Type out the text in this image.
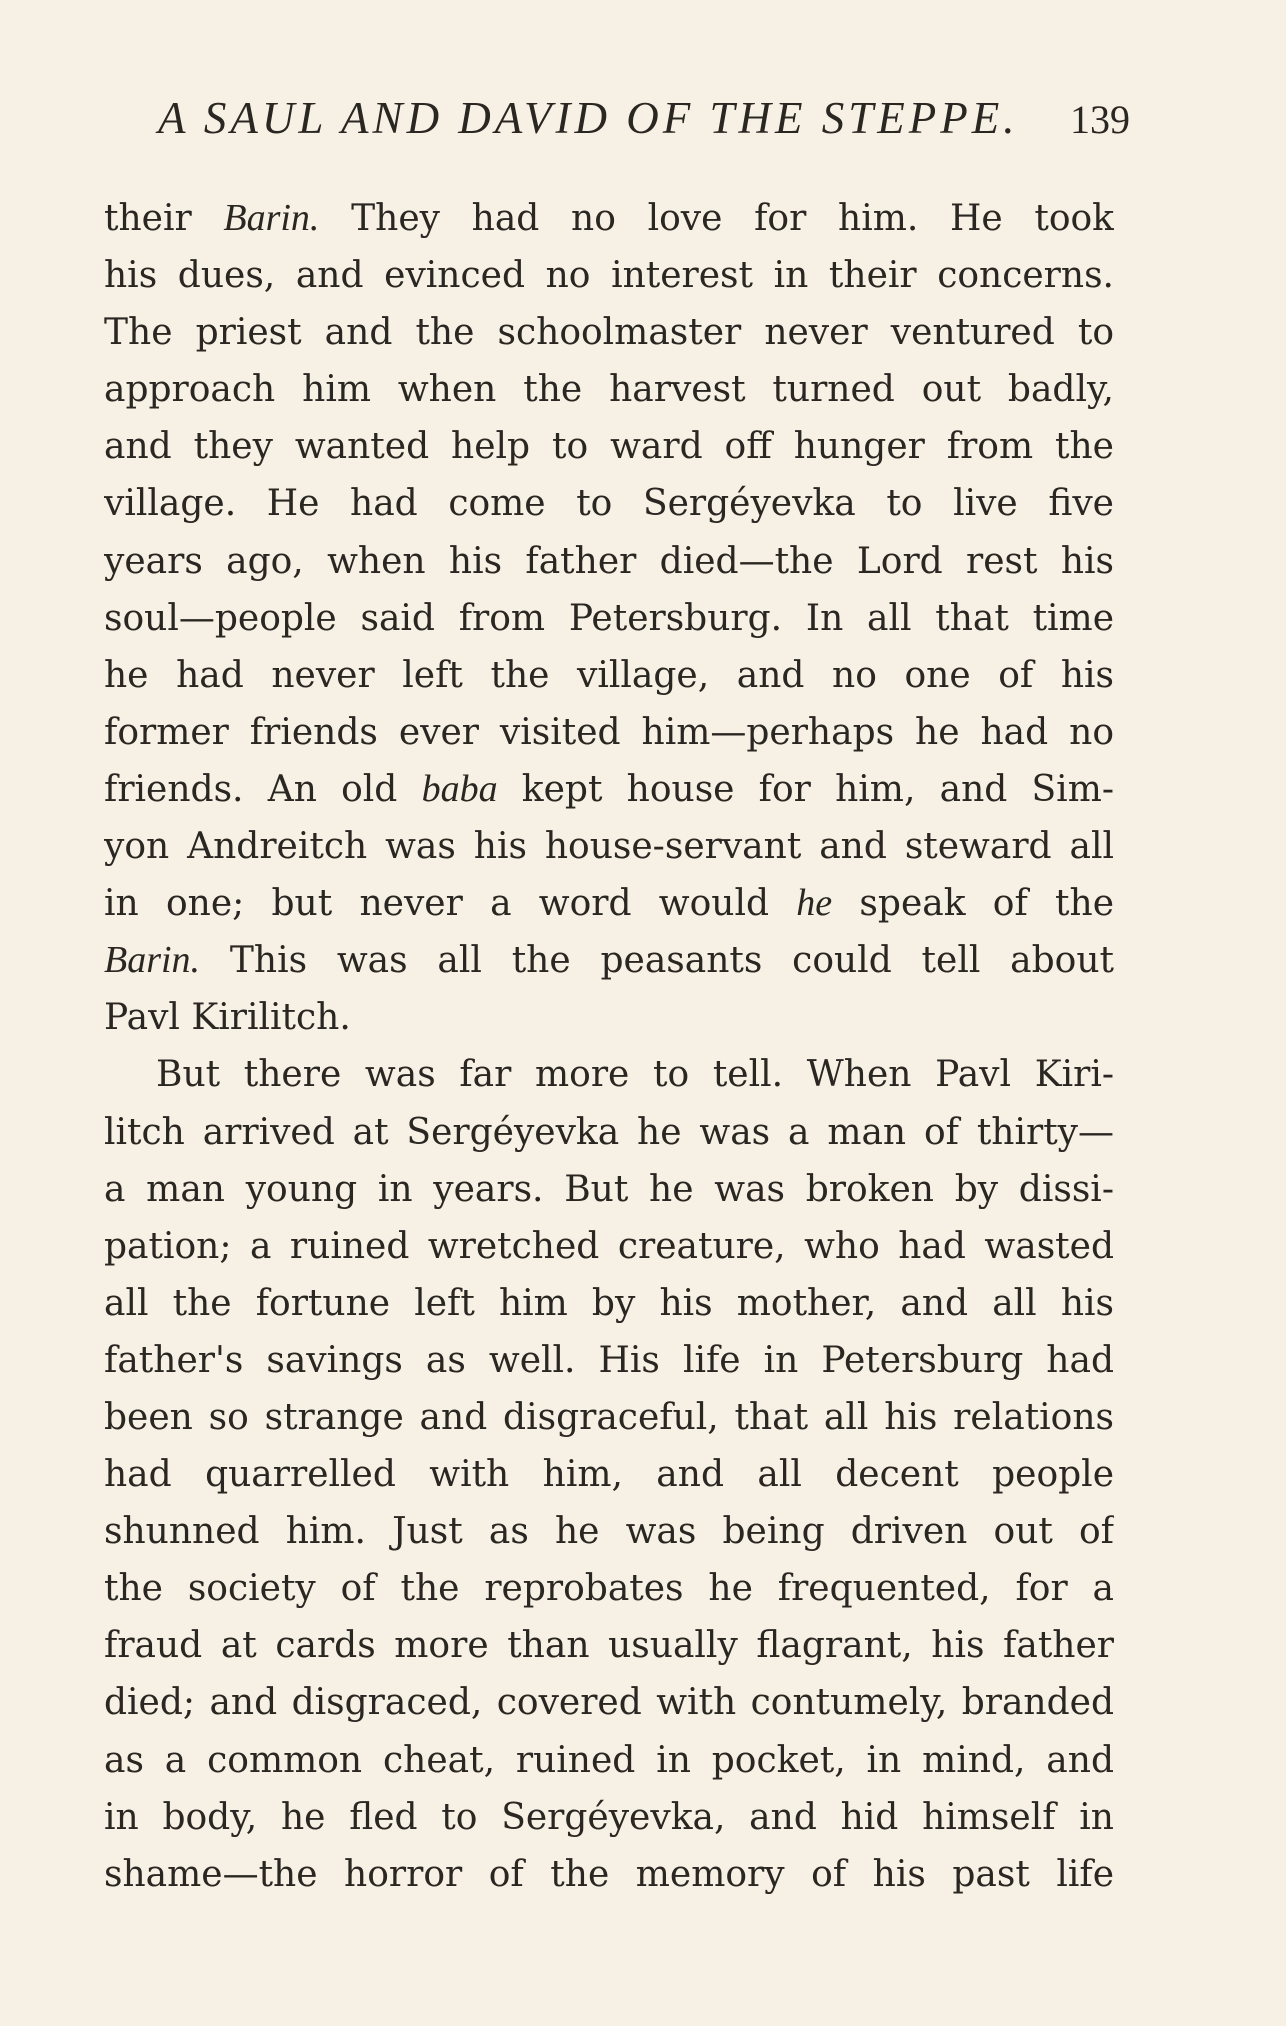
A SAUL AND DAVID OF THE STEPPE. 139
their Barin. They had no love for him. He took
his dues, and evinced no interest in their concerns.
The priest and the schoolmaster never ventured to
approach him when the harvest turned out badly,
and they wanted help to ward off hunger from the
village. He had come to Sergéyevka to live five
years ago, when his father died—the Lord rest his
soul—people said from Petersburg. In all that time
he had never left the village, and no one of his
former friends ever visited him—perhaps he had no
friends. An old baba kept house for him, and Sim-
yon Andreitch was his house-servant and steward all
in one; but never a word would he speak of the
Barin. This was all the peasants could tell about
Pavl Kirilitch.
But there was far more to tell. When Pavl Kiri-
litch arrived at Sergéyevka he was a man of thirty—
a man young in years. But he was broken by dissi-
pation; a ruined wretched creature, who had wasted
all the fortune left him by his mother, and all his
father's savings as well. His life in Petersburg had
been so strange and disgraceful, that all his relations
had quarrelled with him, and all decent people
shunned him. Just as he was being driven out of
the society of the reprobates he frequented, for a
fraud at cards more than usually flagrant, his father
died; and disgraced, covered with contumely, branded
as a common cheat, ruined in pocket, in mind, and
in body, he fled to Sergéyevka, and hid himself in
shame—the horror of the memory of his past life
